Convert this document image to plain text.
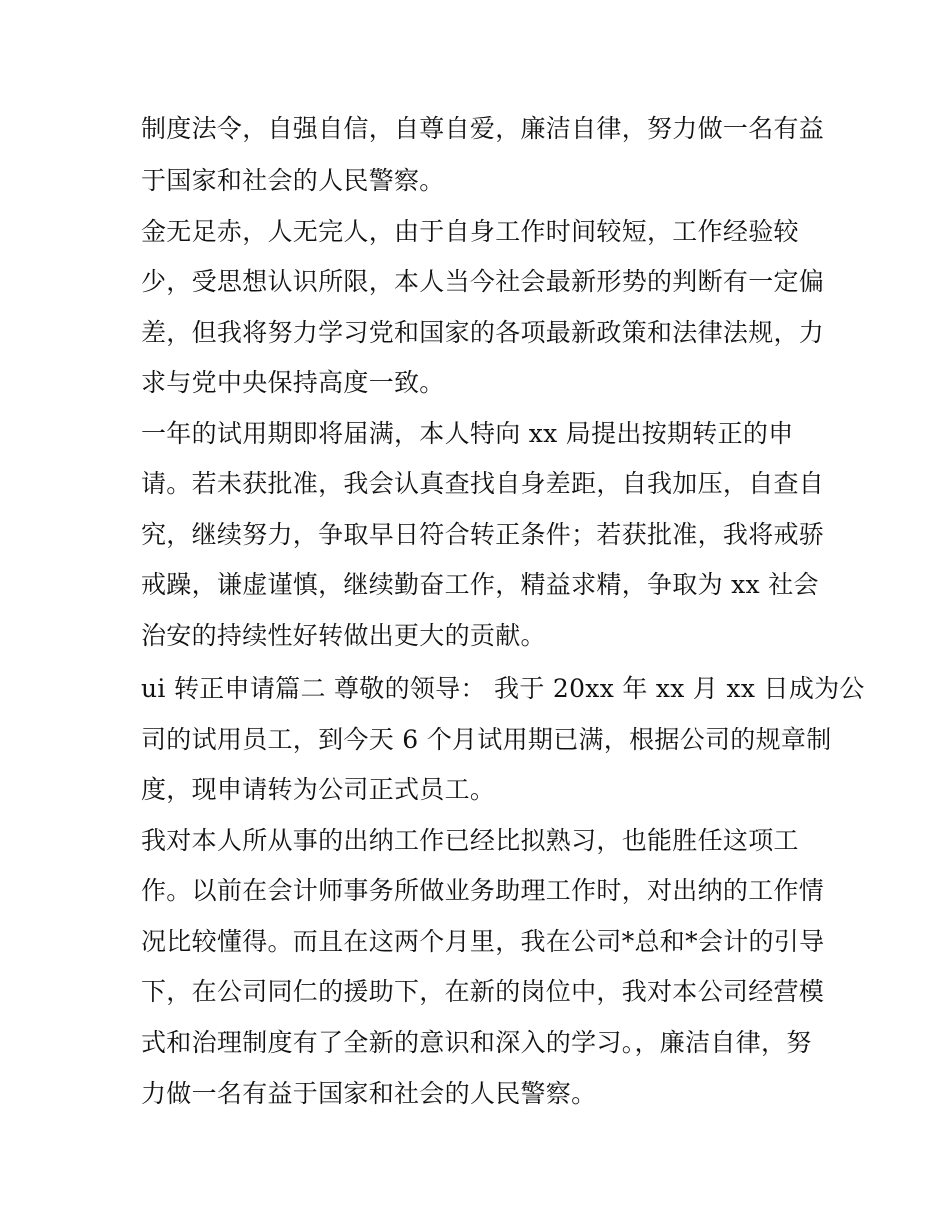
制度法令，自强自信，自尊自爱，廉洁自律，努力做一名有益
于国家和社会的人民警察。
金无足赤，人无完人，由于自身工作时间较短，工作经验较
少，受思想认识所限，本人当今社会最新形势的判断有一定偏
差，但我将努力学习党和国家的各项最新政策和法律法规，力
求与党中央保持高度一致。
一年的试用期即将届满，本人特向 xx 局提出按期转正的申
请。若未获批准，我会认真查找自身差距，自我加压，自查自
究，继续努力，争取早日符合转正条件；若获批准，我将戒骄
戒躁，谦虚谨慎，继续勤奋工作，精益求精，争取为 xx 社会
治安的持续性好转做出更大的贡献。
ui 转正申请篇二 尊敬的领导： 我于 20xx 年 xx 月 xx 日成为公
司的试用员工，到今天 6 个月试用期已满，根据公司的规章制
度，现申请转为公司正式员工。
我对本人所从事的出纳工作已经比拟熟习，也能胜任这项工
作。以前在会计师事务所做业务助理工作时，对出纳的工作情
况比较懂得。而且在这两个月里，我在公司*总和*会计的引导
下，在公司同仁的援助下，在新的岗位中，我对本公司经营模
式和治理制度有了全新的意识和深入的学习。，廉洁自律，努
力做一名有益于国家和社会的人民警察。
